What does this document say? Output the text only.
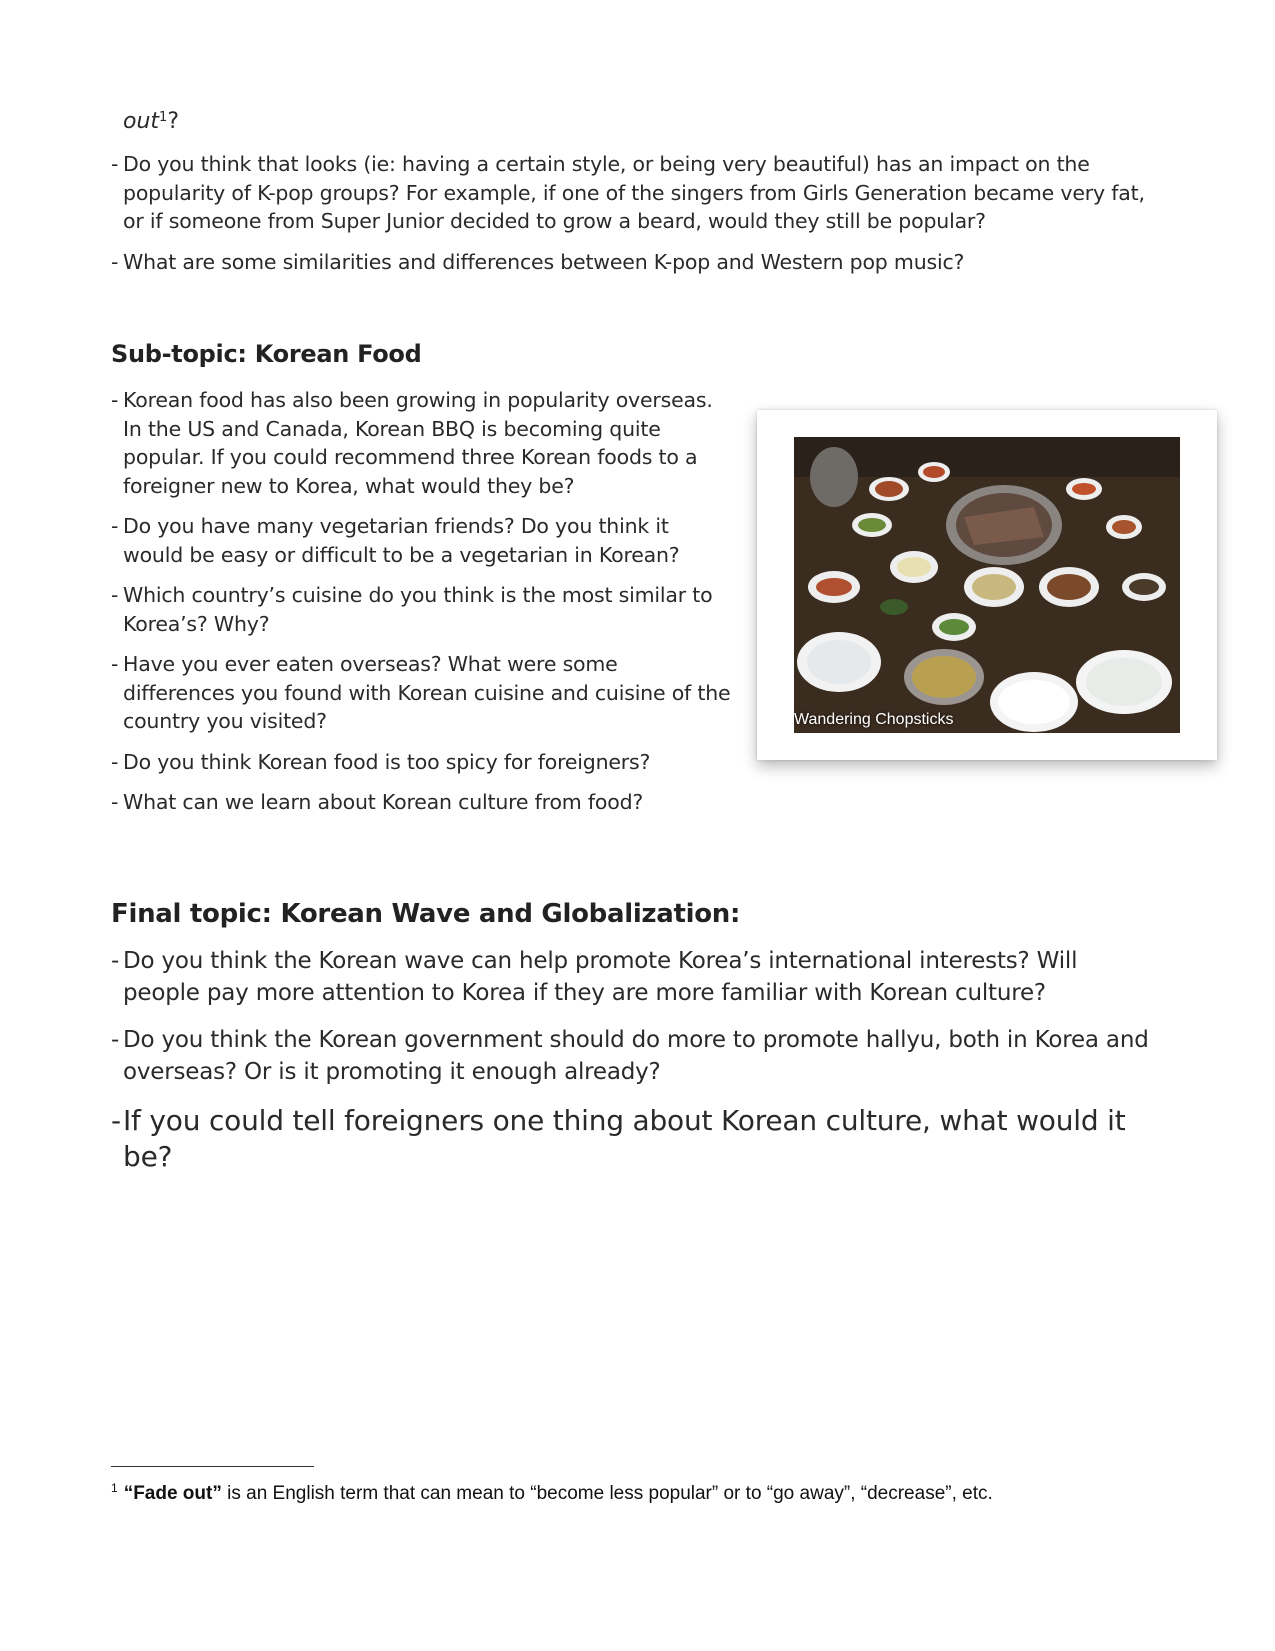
out$^1$?
- Do you think that looks (ie: having a certain style, or being very beautiful) has an impact on the popularity of K-pop groups? For example, if one of the singers from Girls Generation became very fat, or if someone from Super Junior decided to grow a beard, would they still be popular?
- What are some similarities and differences between K-pop and Western pop music?
Sub-topic: Korean Food
- Korean food has also been growing in popularity overseas. In the US and Canada, Korean BBQ is becoming quite popular. If you could recommend three Korean foods to a foreigner new to Korea, what would they be?
- Do you have many vegetarian friends? Do you think it would be easy or difficult to be a vegetarian in Korean?
- Which country’s cuisine do you think is the most similar to Korea’s? Why?
- Have you ever eaten overseas? What were some differences you found with Korean cuisine and cuisine of the country you visited?
- Do you think Korean food is too spicy for foreigners?
- What can we learn about Korean culture from food?
Wandering Chopsticks
Final topic: Korean Wave and Globalization:
- Do you think the Korean wave can help promote Korea’s international interests? Will people pay more attention to Korea if they are more familiar with Korean culture?
- Do you think the Korean government should do more to promote hallyu, both in Korea and overseas? Or is it promoting it enough already?
- If you could tell foreigners one thing about Korean culture, what would it be?
$^1$ “Fade out” is an English term that can mean to “become less popular” or to “go away”, “decrease”, etc.
